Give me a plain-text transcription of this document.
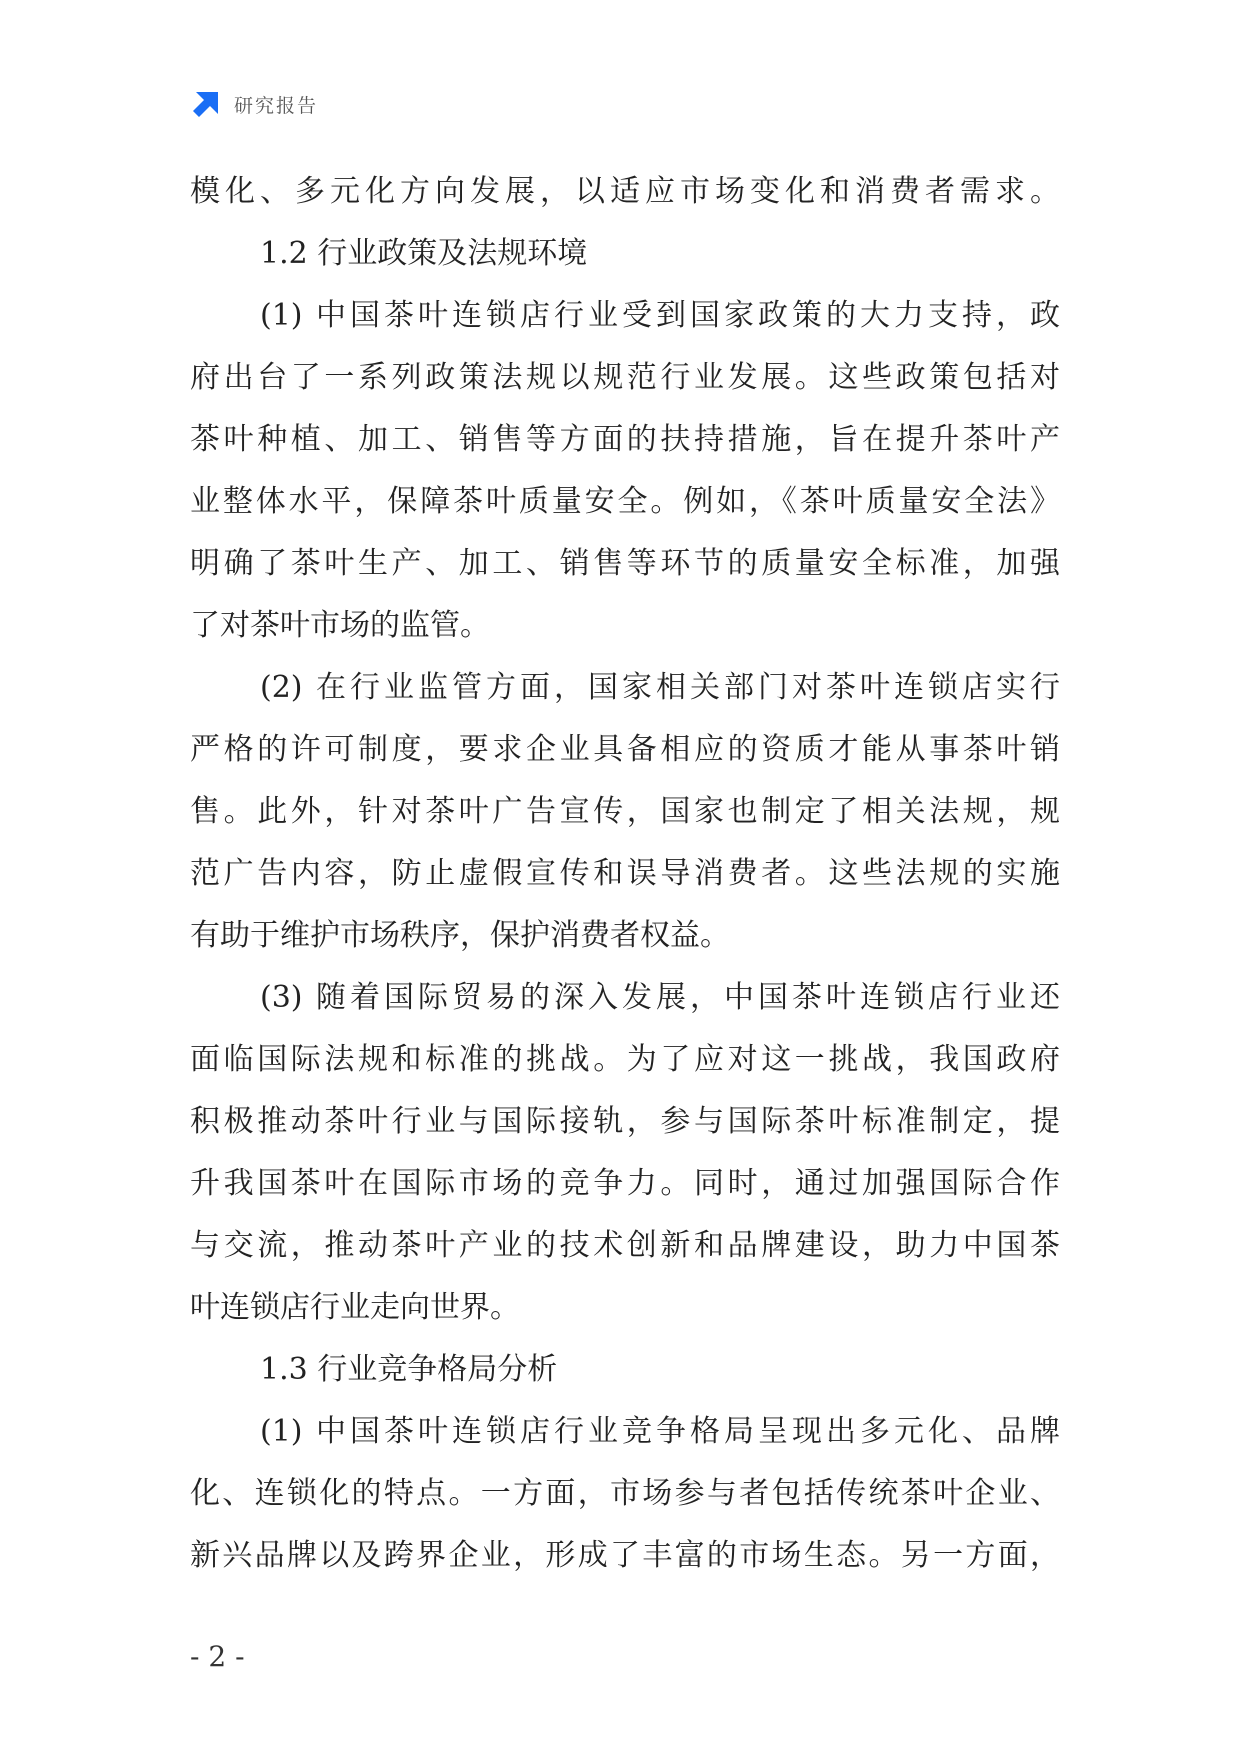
研究报告
模化、多元化方向发展，以适应市场变化和消费者需求。
1.2 行业政策及法规环境
(1) 中国茶叶连锁店行业受到国家政策的大力支持，政
府出台了一系列政策法规以规范行业发展。这些政策包括对
茶叶种植、加工、销售等方面的扶持措施，旨在提升茶叶产
业整体水平，保障茶叶质量安全。例如，《茶叶质量安全法》
明确了茶叶生产、加工、销售等环节的质量安全标准，加强
了对茶叶市场的监管。
(2) 在行业监管方面，国家相关部门对茶叶连锁店实行
严格的许可制度，要求企业具备相应的资质才能从事茶叶销
售。此外，针对茶叶广告宣传，国家也制定了相关法规，规
范广告内容，防止虚假宣传和误导消费者。这些法规的实施
有助于维护市场秩序，保护消费者权益。
(3) 随着国际贸易的深入发展，中国茶叶连锁店行业还
面临国际法规和标准的挑战。为了应对这一挑战，我国政府
积极推动茶叶行业与国际接轨，参与国际茶叶标准制定，提
升我国茶叶在国际市场的竞争力。同时，通过加强国际合作
与交流，推动茶叶产业的技术创新和品牌建设，助力中国茶
叶连锁店行业走向世界。
1.3 行业竞争格局分析
(1) 中国茶叶连锁店行业竞争格局呈现出多元化、品牌
化、连锁化的特点。一方面，市场参与者包括传统茶叶企业、
新兴品牌以及跨界企业，形成了丰富的市场生态。另一方面，
- 2 -
